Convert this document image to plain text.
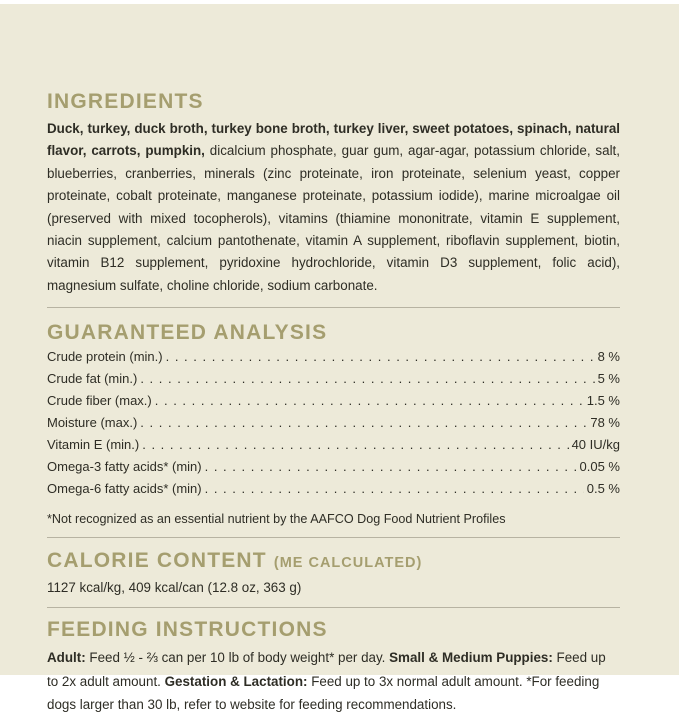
INGREDIENTS

Duck, turkey, duck broth, turkey bone broth, turkey liver, sweet potatoes, spinach, natural flavor, carrots, pumpkin, dicalcium phosphate, guar gum, agar-agar, potassium chloride, salt, blueberries, cranberries, minerals (zinc proteinate, iron proteinate, selenium yeast, copper proteinate, cobalt proteinate, manganese proteinate, potassium iodide), marine microalgae oil (preserved with mixed tocopherols), vitamins (thiamine mononitrate, vitamin E supplement, niacin supplement, calcium pantothenate, vitamin A supplement, riboflavin supplement, biotin, vitamin B12 supplement, pyridoxine hydrochloride, vitamin D3 supplement, folic acid), magnesium sulfate, choline chloride, sodium carbonate.

GUARANTEED ANALYSIS
Crude protein (min.) . . .	8 %
Crude fat (min.) . . .	5 %
Crude fiber (max.) . . .	1.5 %
Moisture (max.) . . .	78 %
Vitamin E (min.) . . .	40 IU/kg
Omega-3 fatty acids* (min) . . .	0.05 %
Omega-6 fatty acids* (min) . . .	0.5 %

*Not recognized as an essential nutrient by the AAFCO Dog Food Nutrient Profiles

CALORIE CONTENT (ME CALCULATED)

1127 kcal/kg, 409 kcal/can (12.8 oz, 363 g)

FEEDING INSTRUCTIONS

Adult: Feed ½ - ⅔ can per 10 lb of body weight* per day. Small & Medium Puppies: Feed up to 2x adult amount. Gestation & Lactation: Feed up to 3x normal adult amount. *For feeding dogs larger than 30 lb, refer to website for feeding recommendations.
